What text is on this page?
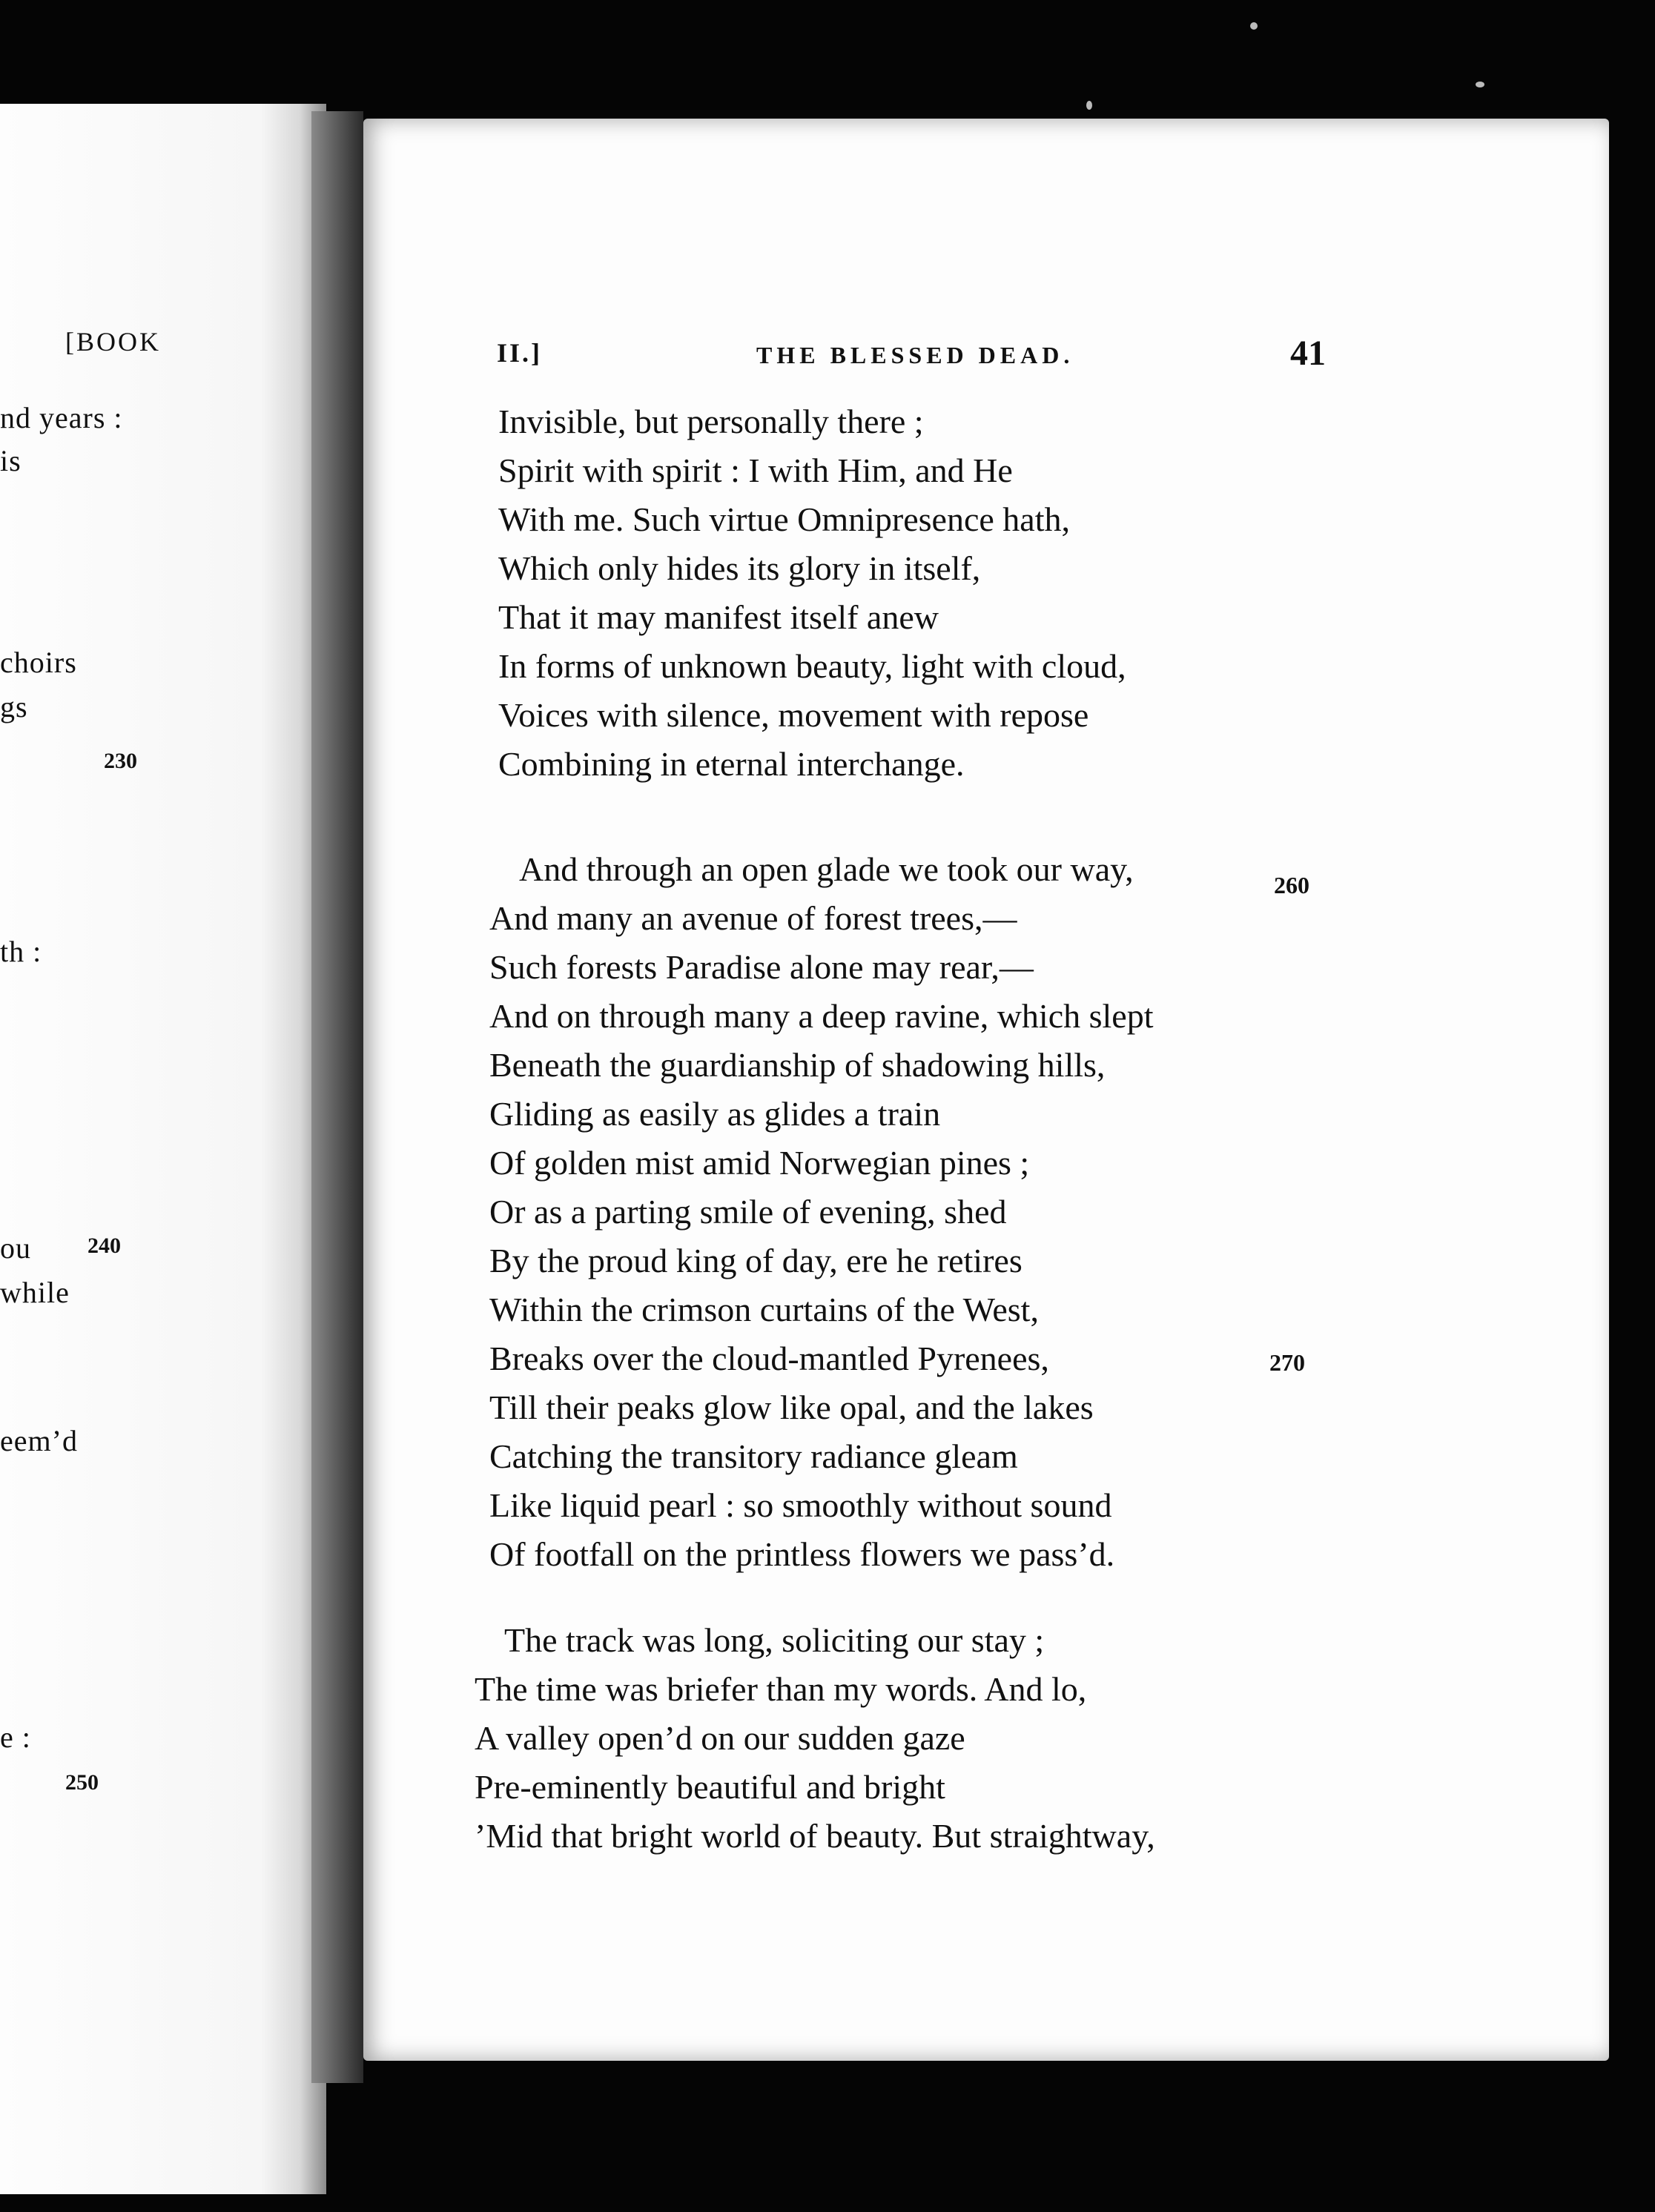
[BOOK
nd years :
is
choirs
gs
230
th :
ou	240
while
eem’d
e :
250
II.]	THE BLESSED DEAD.	41
Invisible, but personally there ;
Spirit with spirit : I with Him, and He
With me. Such virtue Omnipresence hath,
Which only hides its glory in itself,
That it may manifest itself anew
In forms of unknown beauty, light with cloud,
Voices with silence, movement with repose
Combining in eternal interchange.
And through an open glade we took our way,
And many an avenue of forest trees,—
Such forests Paradise alone may rear,—
And on through many a deep ravine, which slept
Beneath the guardianship of shadowing hills,
Gliding as easily as glides a train
Of golden mist amid Norwegian pines ;
Or as a parting smile of evening, shed
By the proud king of day, ere he retires
Within the crimson curtains of the West,
Breaks over the cloud-mantled Pyrenees,
Till their peaks glow like opal, and the lakes
Catching the transitory radiance gleam
Like liquid pearl : so smoothly without sound
Of footfall on the printless flowers we pass’d.
260
270
The track was long, soliciting our stay ;
The time was briefer than my words. And lo,
A valley open’d on our sudden gaze
Pre-eminently beautiful and bright
’Mid that bright world of beauty. But straightway,
